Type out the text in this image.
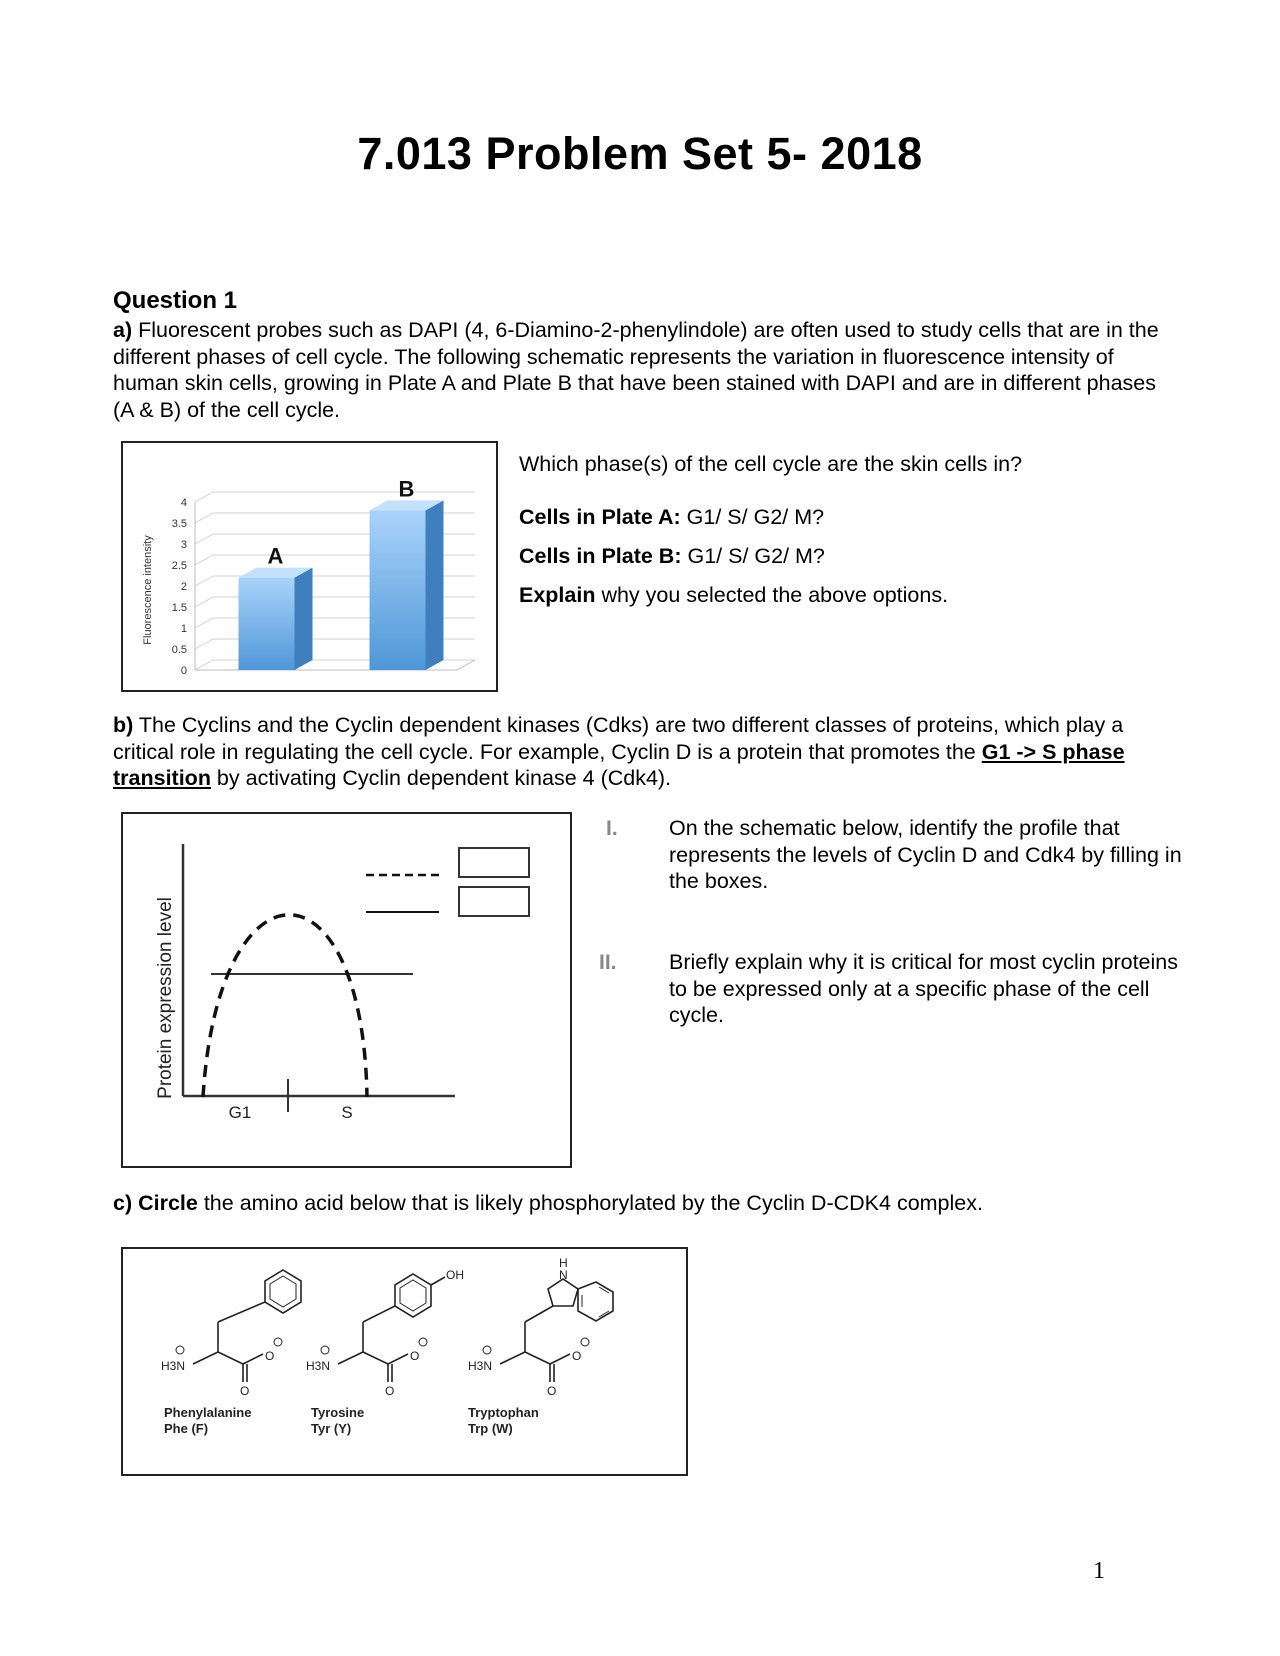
7.013 Problem Set 5- 2018
Question 1
a) Fluorescent probes such as DAPI (4, 6-Diamino-2-phenylindole) are often used to study cells that are in the different phases of cell cycle. The following schematic represents the variation in fluorescence intensity of human skin cells, growing in Plate A and Plate B that have been stained with DAPI and are in different phases (A & B) of the cell cycle.
Fluorescence intensity
0
0.5
1
1.5
2
2.5
3
3.5
4
A
B
Which phase(s) of the cell cycle are the skin cells in?
Cells in Plate A: G1/ S/ G2/ M?
Cells in Plate B: G1/ S/ G2/ M?
Explain why you selected the above options.
b) The Cyclins and the Cyclin dependent kinases (Cdks) are two different classes of proteins, which play a critical role in regulating the cell cycle. For example, Cyclin D is a protein that promotes the G1 -> S phase transition by activating Cyclin dependent kinase 4 (Cdk4).
Protein expression level
G1	S
I. On the schematic below, identify the profile that represents the levels of Cyclin D and Cdk4 by filling in the boxes.
II. Briefly explain why it is critical for most cyclin proteins to be expressed only at a specific phase of the cell cycle.
c) Circle the amino acid below that is likely phosphorylated by the Cyclin D-CDK4 complex.
H3N
O
O
H3N
O
O
OH
H3N
O
O
H
N
Phenylalanine
Phe (F)
Tyrosine
Tyr (Y)
Tryptophan
Trp (W)
1
